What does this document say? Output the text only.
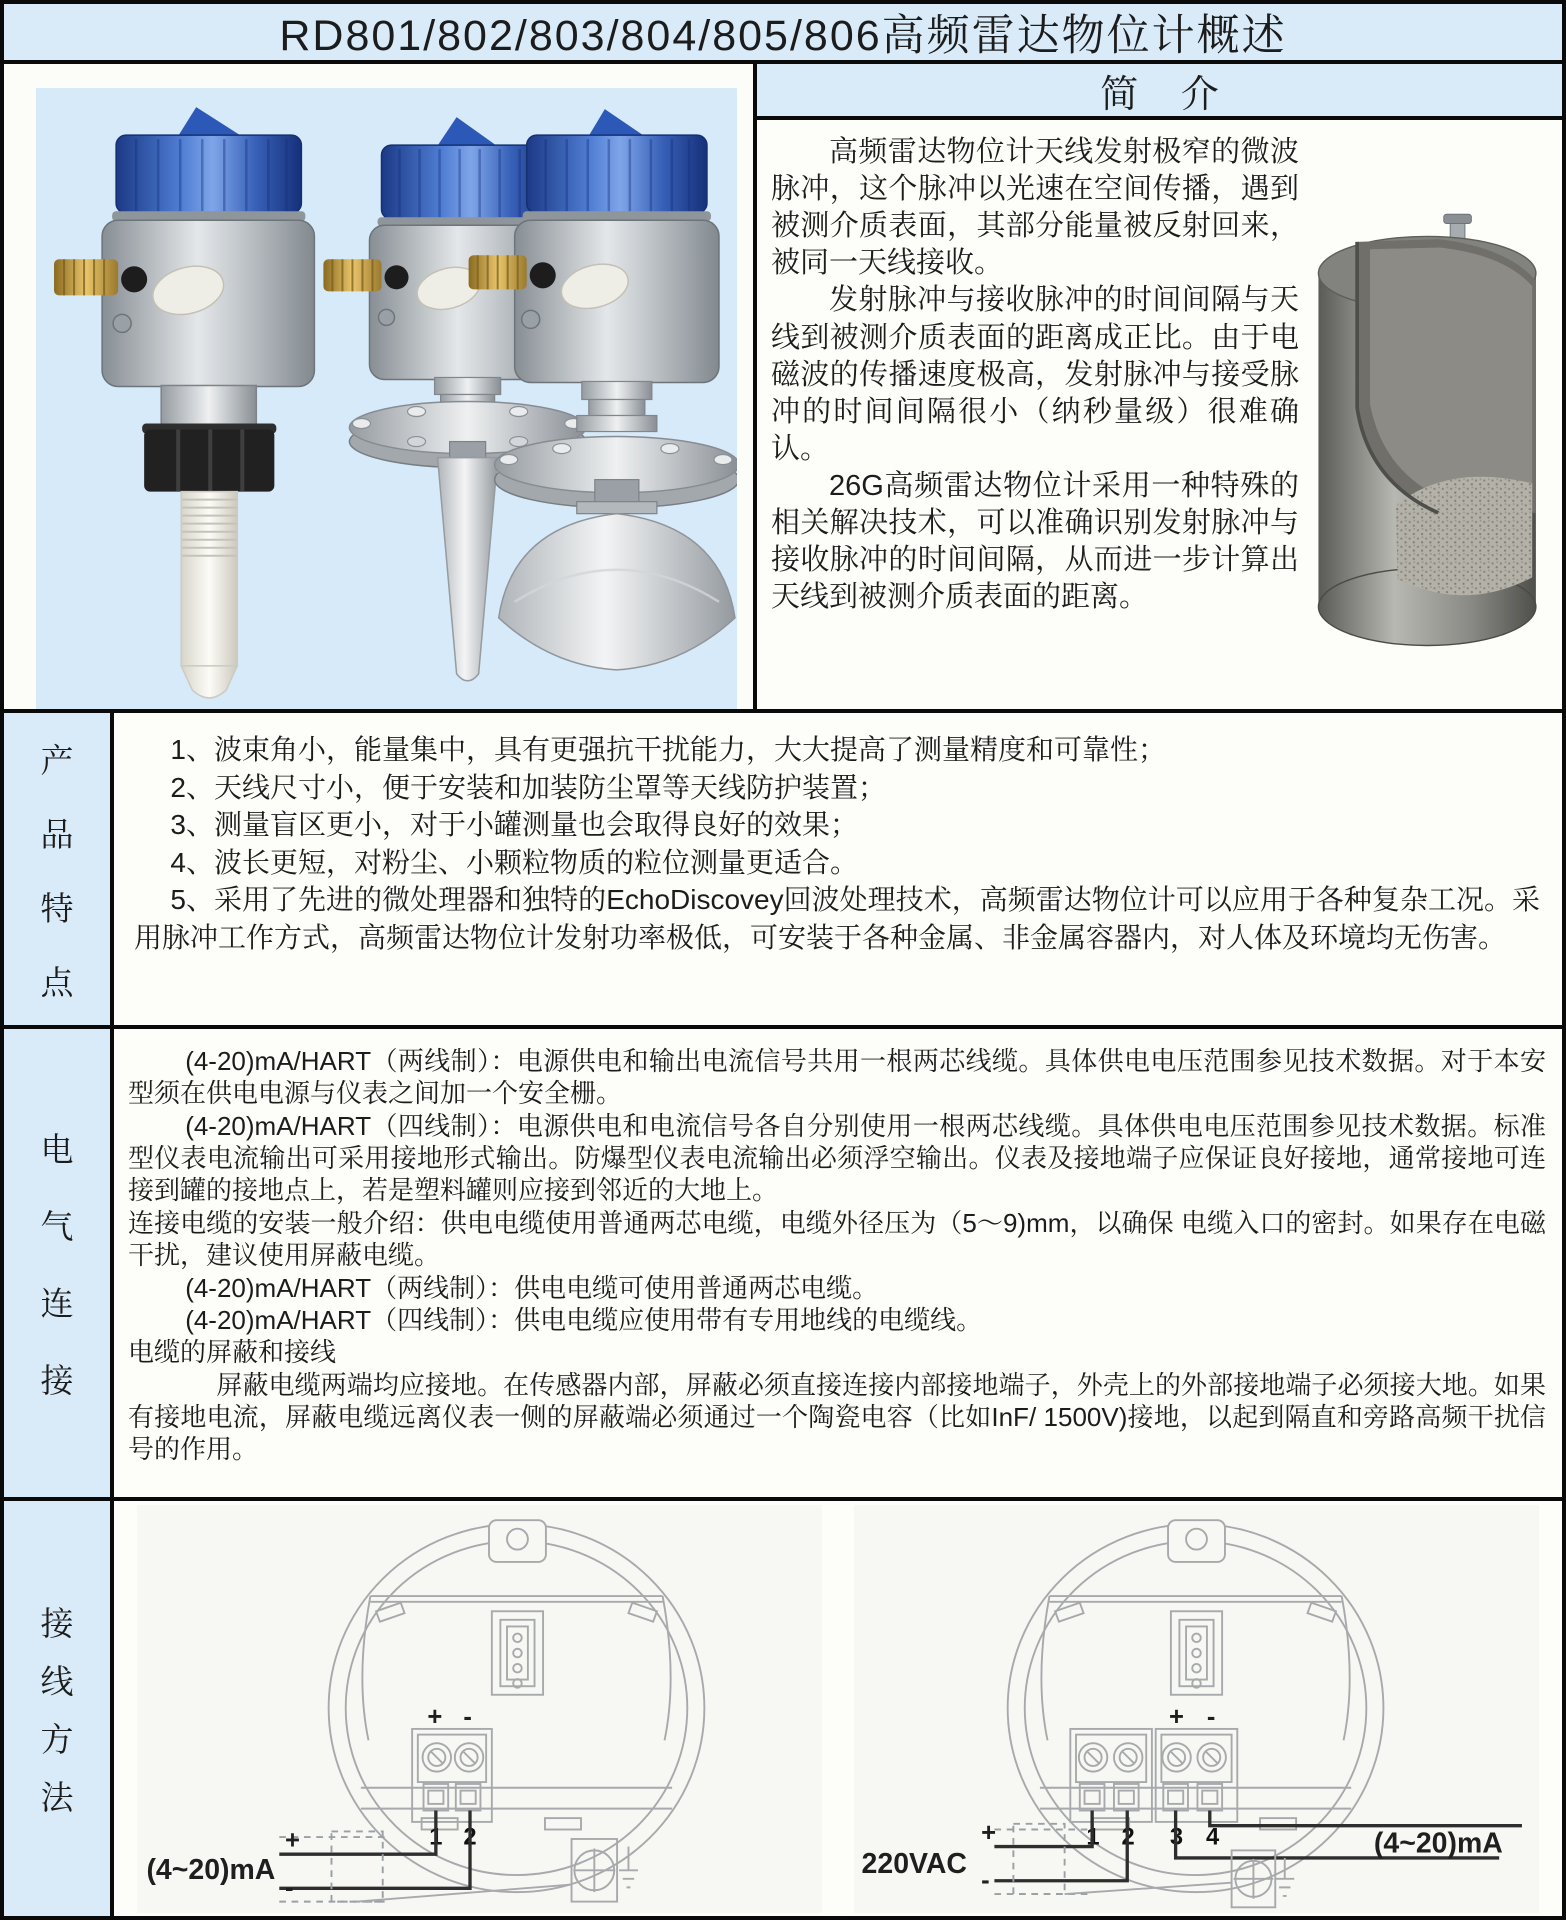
RD801/802/803/804/805/806高频雷达物位计概述
简 介

高频雷达物位计天线发射极窄的微波脉冲，这个脉冲以光速在空间传播，遇到被测介质表面，其部分能量被反射回来，被同一天线接收。

发射脉冲与接收脉冲的时间间隔与天线到被测介质表面的距离成正比。由于电磁波的传播速度极高，发射脉冲与接受脉冲的时间间隔很小（纳秒量级）很难确认。

26G高频雷达物位计采用一种特殊的相关解决技术，可以准确识别发射脉冲与接收脉冲的时间间隔，从而进一步计算出天线到被测介质表面的距离。

产
品
特
点

1、波束角小，能量集中，具有更强抗干扰能力，大大提高了测量精度和可靠性；

2、天线尺寸小，便于安装和加装防尘罩等天线防护装置；

3、测量盲区更小，对于小罐测量也会取得良好的效果；

4、波长更短，对粉尘、小颗粒物质的粒位测量更适合。

5、采用了先进的微处理器和独特的EchoDiscovey回波处理技术，高频雷达物位计可以应用于各种复杂工况。采用脉冲工作方式，高频雷达物位计发射功率极低，可安装于各种金属、非金属容器内，对人体及环境均无伤害。

电
气
连
接

(4-20)mA/HART（两线制）：电源供电和输出电流信号共用一根两芯线缆。具体供电电压范围参见技术数据。对于本安型须在供电电源与仪表之间加一个安全栅。

(4-20)mA/HART（四线制）：电源供电和电流信号各自分别使用一根两芯线缆。具体供电电压范围参见技术数据。标准型仪表电流输出可采用接地形式输出。防爆型仪表电流输出必须浮空输出。仪表及接地端子应保证良好接地，通常接地可连接到罐的接地点上，若是塑料罐则应接到邻近的大地上。

连接电缆的安装一般介绍：供电电缆使用普通两芯电缆，电缆外径压为（5～9)mm，以确保 电缆入口的密封。如果存在电磁干扰，建议使用屏蔽电缆。

(4-20)mA/HART（两线制）：供电电缆可使用普通两芯电缆。

(4-20)mA/HART（四线制）：供电电缆应使用带有专用地线的电缆线。

电缆的屏蔽和接线

屏蔽电缆两端均应接地。在传感器内部，屏蔽必须直接连接内部接地端子，外壳上的外部接地端子必须接大地。如果有接地电流，屏蔽电缆远离仪表一侧的屏蔽端必须通过一个陶瓷电容（比如InF/ 1500V)接地，以起到隔直和旁路高频干扰信号的作用。

接
线
方
法
+ -
1 2
+
-
(4~20)mA
+ -
1 2 3 4
+
-
220VAC
(4~20)mA
